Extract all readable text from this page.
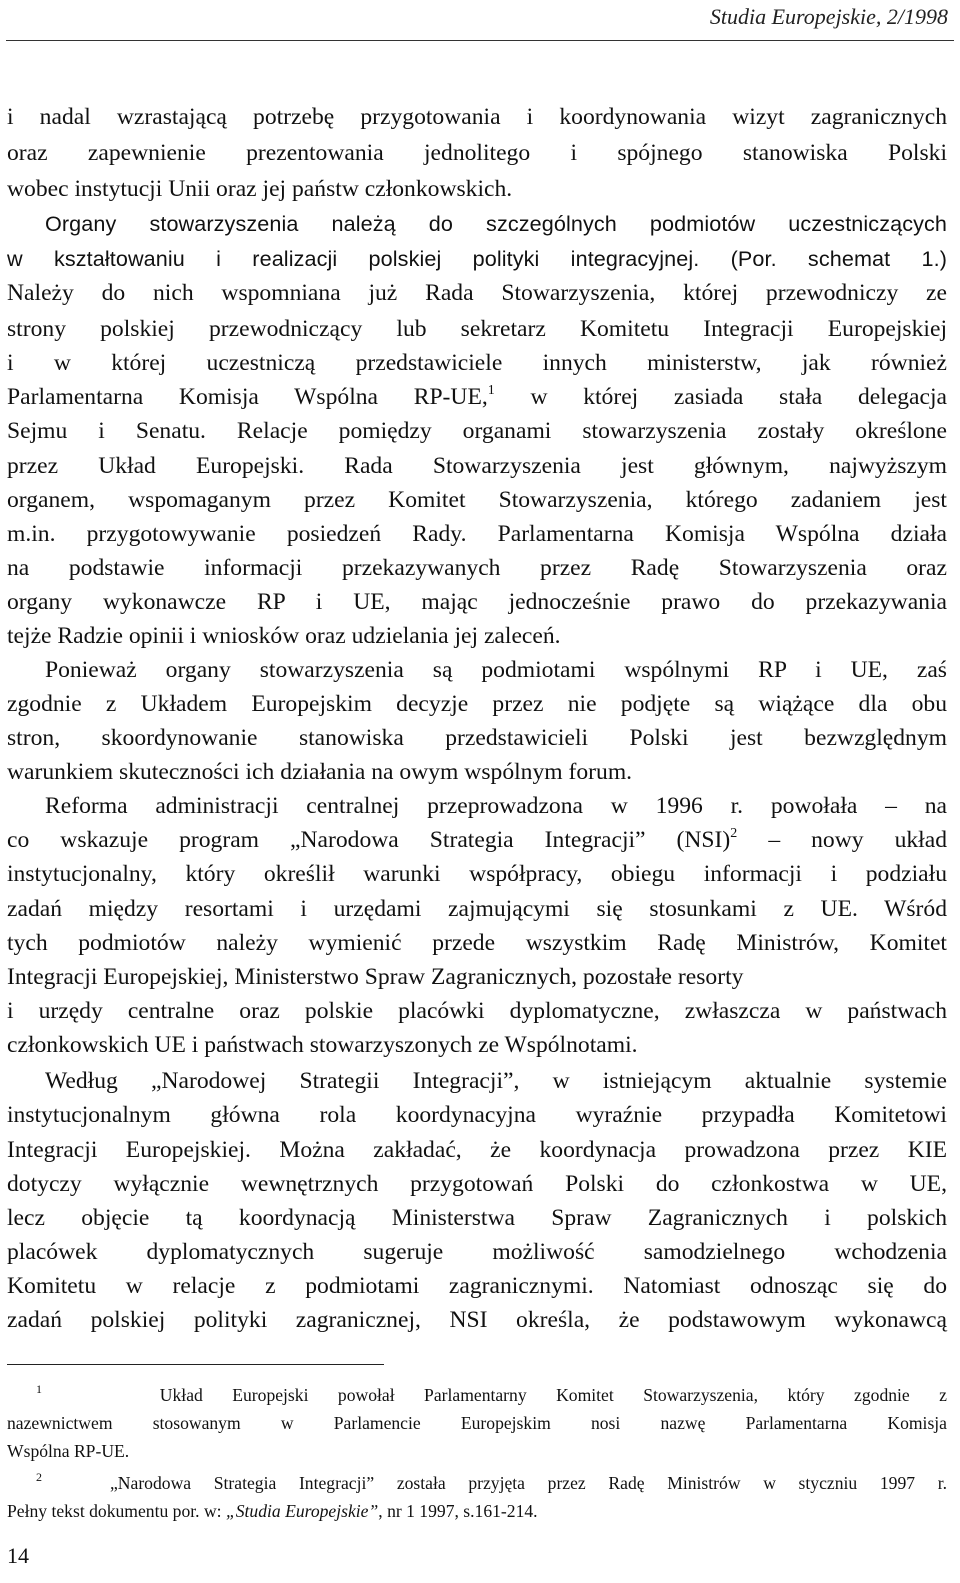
Studia Europejskie, 2/1998
i nadal wzrastającą potrzebę przygotowania i koordynowania wizyt zagranicznych
oraz zapewnienie prezentowania jednolitego i spójnego stanowiska Polski
wobec instytucji Unii oraz jej państw członkowskich.
Organy stowarzyszenia należą do szczególnych podmiotów uczestniczących
w kształtowaniu i realizacji polskiej polityki integracyjnej. (Por. schemat 1.)
Należy do nich wspomniana już Rada Stowarzyszenia, której przewodniczy ze
strony polskiej przewodniczący lub sekretarz Komitetu Integracji Europejskiej
i w której uczestniczą przedstawiciele innych ministerstw, jak również
Parlamentarna Komisja Wspólna RP-UE,$^1$ w której zasiada stała delegacja
Sejmu i Senatu. Relacje pomiędzy organami stowarzyszenia zostały określone
przez Układ Europejski. Rada Stowarzyszenia jest głównym, najwyższym
organem, wspomaganym przez Komitet Stowarzyszenia, którego zadaniem jest
m.in. przygotowywanie posiedzeń Rady. Parlamentarna Komisja Wspólna działa
na podstawie informacji przekazywanych przez Radę Stowarzyszenia oraz
organy wykonawcze RP i UE, mając jednocześnie prawo do przekazywania
tejże Radzie opinii i wniosków oraz udzielania jej zaleceń.
Ponieważ organy stowarzyszenia są podmiotami wspólnymi RP i UE, zaś
zgodnie z Układem Europejskim decyzje przez nie podjęte są wiążące dla obu
stron, skoordynowanie stanowiska przedstawicieli Polski jest bezwzględnym
warunkiem skuteczności ich działania na owym wspólnym forum.
Reforma administracji centralnej przeprowadzona w 1996 r. powołała – na
co wskazuje program „Narodowa Strategia Integracji” (NSI)$^2$ – nowy układ
instytucjonalny, który określił warunki współpracy, obiegu informacji i podziału
zadań między resortami i urzędami zajmującymi się stosunkami z UE. Wśród
tych podmiotów należy wymienić przede wszystkim Radę Ministrów, Komitet
Integracji Europejskiej, Ministerstwo Spraw Zagranicznych, pozostałe resorty
i urzędy centralne oraz polskie placówki dyplomatyczne, zwłaszcza w państwach
członkowskich UE i państwach stowarzyszonych ze Wspólnotami.
Według „Narodowej Strategii Integracji”, w istniejącym aktualnie systemie
instytucjonalnym główna rola koordynacyjna wyraźnie przypadła Komitetowi
Integracji Europejskiej. Można zakładać, że koordynacja prowadzona przez KIE
dotyczy wyłącznie wewnętrznych przygotowań Polski do członkostwa w UE,
lecz objęcie tą koordynacją Ministerstwa Spraw Zagranicznych i polskich
placówek dyplomatycznych sugeruje możliwość samodzielnego wchodzenia
Komitetu w relacje z podmiotami zagranicznymi. Natomiast odnosząc się do
zadań polskiej polityki zagranicznej, NSI określa, że podstawowym wykonawcą
$^1$	Układ Europejski powołał Parlamentarny Komitet Stowarzyszenia, który zgodnie z
nazewnictwem stosowanym w Parlamencie Europejskim nosi nazwę Parlamentarna Komisja
Wspólna RP-UE.
$^2$	„Narodowa Strategia Integracji” została przyjęta przez Radę Ministrów w styczniu 1997 r.
Pełny tekst dokumentu por. w: „Studia Europejskie”, nr 1 1997, s.161-214.
14
